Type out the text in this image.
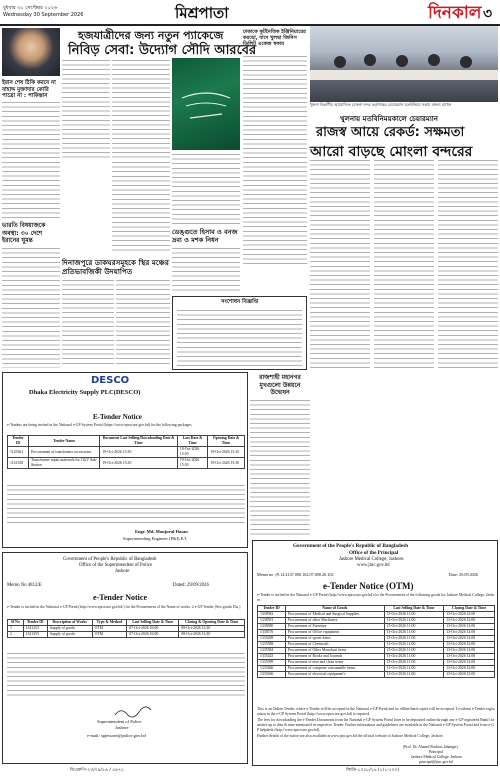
বুধবার ৩০ সেপ্টেম্বর ২০২৬
Wednesday 30 September 2026	মিশ্রপাতা	দিনকাল ৩
হজযাত্রীদের জন্য নতুন প্যাকেজে
নিবিড় সেবা: উদ্যোগ সৌদি আরবের
ইরান শেষ ঠিকি করবে না বাহাদ্দ মুক্তাদার কোরি পাত্রো না : পাকিস্তান
ভারতি বিষয়াজকে অবস্থা: ৩০ দেশে ইরানের ঘুমন্ত
ঢাকাকে কূটনৈতিক ইঞ্জিনিয়ারের করছো, বাদে খুলছা জিনিস ডিলিট একেজ স্বকার
ডেঙ্গুতে হিসাব ও বনজ দ্রব্য ও মশক নিধন
দিনাজপুরে ডাকঘরসমূহকে স্থির মঞ্চের প্রতিভাবজিকী উদযাপিত
সংশোধন বিজ্ঞপ্তি
খুলনা বিভাগীয় আয়োজিত মোংলা বন্দর কর্তৃপক্ষের চেয়ারম্যান মতবিনিময় সভায় বক্তব্য রাখেন
খুলনায় মতবিনিময়কালে চেয়ারম্যান
রাজস্ব আয়ে রেকর্ড: সক্ষমতা
আরো বাড়ছে মোংলা বন্দরের
রাজশাহী মহানগর মুখগুলো উন্নয়নে উদ্বোধন
DESCO
Dhaka Electricity Supply PLC(DESCO)
E-Tender Notice
e-Tenders are being invited in the National e-GP System Portal (https://www.eprocure.gov.bd) for the following packages
Tender ID	Tender Name	Document Last Selling/Downloading Date & Time	Last Date & Time	Opening Date & Time
1125361	Procurement of transformer accessories.	19-Oct-2026 15:30	19-Oct-2026 15:30	19-Oct-2026 15:30
1141358	Transformer repair materials for 11kV Sub-Station	19-Oct-2026 15:30	19-Oct-2026 15:30	19-Oct-2026 15:30
Engr. Md. Monjurul Hasan
Superintending Engineer (P&I) E/1
Government of People's Republic of Bangladesh
Office of the Superintendent of Police
Jashore
Memo No 4812/E	Dated: 29/09/2026
e-Tender Notice
e-Tender is invited in the National e-GP Portal (http://www.eprocure.gov.bd/) for the Procurement of the Name of works: 2 e-GP Tender (Ser./goods Dis.)
Sl No	Tender ID	Description of Works	Type & Method	Last Selling Date & Time	Closing & Opening Date & Time
1	1341253	Supply of goods	OTM	07-Oct-2026 16:00	08-Oct-2026 12:30
2	1341355	Supply of goods	OTM	07-Oct-2026 16:00	08-Oct-2026 12:30
Superintendent of Police
Jashore
e-mail: spjessore@police.gov.bd
Government of the People's Republic of Bangladesh
Office of the Principal
Jashore Medical College, Jashore.
www.jmc.gov.bd
Memo no -(9.14.4147.000.162.07.000.26.102	Date: 29.09.2026
e-Tender Notice (OTM)
e-Tender is invited in the National e-GP Portal (http://www.eprocure.gov.bd) for the Procurement of the following goods for Jashore Medical College, Jashore.
Tender ID	Name of Goods	Last Selling Date & Time	Closing Date & Time
1338582	Procurement of Medical and Surgical Supplies	13-Oct-2026 11:00	13-Oct-2026 12:00
1338581	Procurement of other Machinery	13-Oct-2026 11:00	13-Oct-2026 12:00
1338580	Procurement of Furniture	13-Oct-2026 11:00	13-Oct-2026 12:00
1338576	Procurement of Office equipment	13-Oct-2026 11:00	13-Oct-2026 12:00
1335269	Procurement of sports items	13-Oct-2026 11:00	13-Oct-2026 12:00
1335588	Procurement of Chemicals	13-Oct-2026 11:00	13-Oct-2026 12:00
1335584	Procurement of Other Monohari items	13-Oct-2026 11:00	13-Oct-2026 12:00
1335425	Procurement of Books and Journals	13-Oct-2026 11:00	13-Oct-2026 12:00
1335599	Procurement of neat and clean items	13-Oct-2026 11:00	13-Oct-2026 12:00
1335466	Procurement of computer consumable items	13-Oct-2026 11:00	13-Oct-2026 12:00
1335266	Procurement of electrical equipment's	13-Oct-2026 11:00	13-Oct-2026 12:00
This is an Online Tender, where e-Tender will be accepted in the National e-GP Portal and no offline/hard copies will be accepted. To submit e-Tender registration in the e-GP System Portal (http://www.eprocure.gov.bd) is required.
The fees for downloading the e-Tender Documents from the National e-GP System Portal have to be deposited online through any e-GP registered Bank's branches up to date & time mentioned in respective Tender. Further information and guidelines are available in the National e-GP System Portal and from e-GP helpdesk (http://www.eprocure.gov.bd).
Further details of the notice are also available at www.jmc.gov.bd the official website of Jashore Medical College, Jashore.
(Prof. Dr. Ahmed Ferdous Jahangir)
Principal
Jashore Medical College, Jashore.
principal@jmc.gov.bd
ডিএফপি-২৩/০৯/২৬ / ৫৯৭২	জিডি-১০২৮/২৬ (১/১-১০০)
